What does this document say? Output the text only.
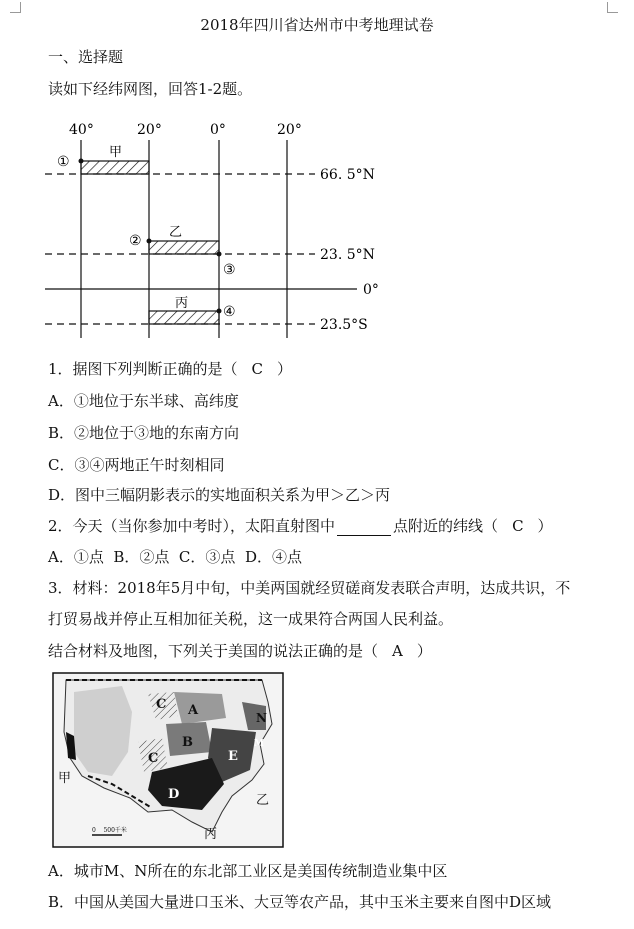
2018年四川省达州市中考地理试卷
一、选择题
读如下经纬网图，回答1-2题。
40°	20°	0°	20°
66. 5°N
23. 5°N
0°
23.5°S
甲
乙
丙
①
②
③
④
1．据图下列判断正确的是（ C ）
A．①地位于东半球、高纬度
B．②地位于③地的东南方向
C．③④两地正午时刻相同
D．图中三幅阴影表示的实地面积关系为甲＞乙＞丙
2．今天（当你参加中考时），太阳直射图中	点附近的纬线（ C ）
A．①点  B．②点  C．③点  D．④点
3．材料：2018年5月中旬，中美两国就经贸磋商发表联合声明，达成共识，不
打贸易战并停止互相加征关税，这一成果符合两国人民利益。
结合材料及地图，下列关于美国的说法正确的是（ A ）
A
B
C
C
D
E
N
M
甲
乙
丙
0    500千米
A．城市M、N所在的东北部工业区是美国传统制造业集中区
B．中国从美国大量进口玉米、大豆等农产品，其中玉米主要来自图中D区域
